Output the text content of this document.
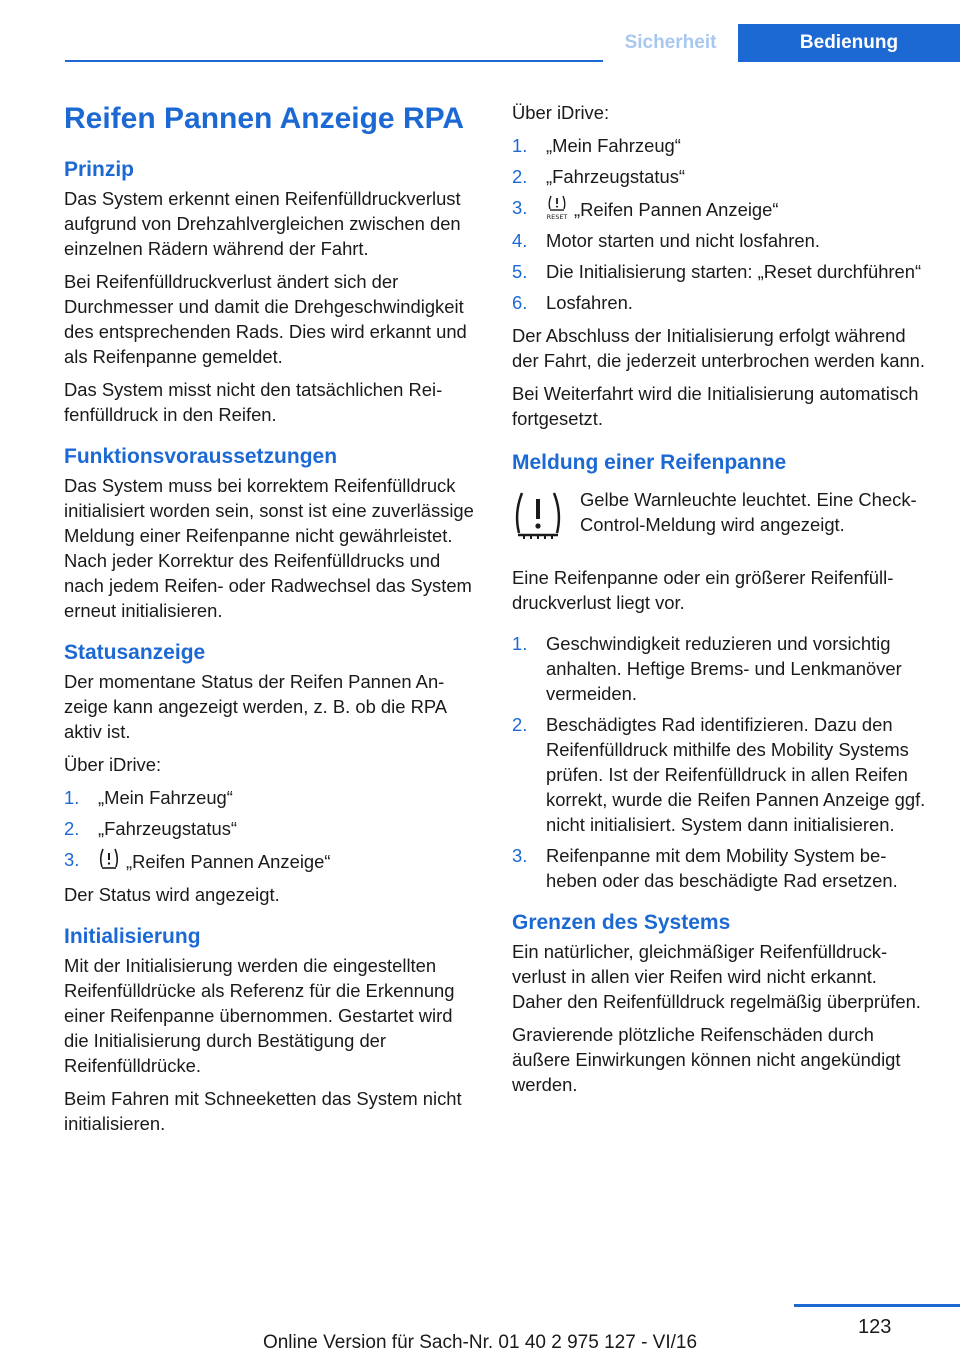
Sicherheit	Bedienung
Reifen Pannen Anzeige RPA
Prinzip

Das System erkennt einen Reifenfülldruckverlust aufgrund von Drehzahlvergleichen zwischen den einzelnen Rädern während der Fahrt.

Bei Reifenfülldruckverlust ändert sich der Durchmesser und damit die Drehgeschwindigkeit des entsprechenden Rads. Dies wird erkannt und als Reifenpanne gemeldet.

Das System misst nicht den tatsächlichen Reifenfülldruck in den Reifen.

Funktionsvoraussetzungen

Das System muss bei korrektem Reifenfülldruck initialisiert worden sein, sonst ist eine zuverlässige Meldung einer Reifenpanne nicht gewährleistet. Nach jeder Korrektur des Reifenfülldrucks und nach jedem Reifen- oder Radwechsel das System erneut initialisieren.

Statusanzeige

Der momentane Status der Reifen Pannen Anzeige kann angezeigt werden, z. B. ob die RPA aktiv ist.

Über iDrive:

1. „Mein Fahrzeug“
2. „Fahrzeugstatus“
3.	„Reifen Pannen Anzeige“

Der Status wird angezeigt.

Initialisierung

Mit der Initialisierung werden die eingestellten Reifenfülldrücke als Referenz für die Erkennung einer Reifenpanne übernommen. Gestartet wird die Initialisierung durch Bestätigung der Reifenfülldrücke.

Beim Fahren mit Schneeketten das System nicht initialisieren.

Über iDrive:

1. „Mein Fahrzeug“
2. „Fahrzeugstatus“
3.	RESET „Reifen Pannen Anzeige“
4. Motor starten und nicht losfahren.
5. Die Initialisierung starten: „Reset durchführen“
6. Losfahren.

Der Abschluss der Initialisierung erfolgt während der Fahrt, die jederzeit unterbrochen werden kann.

Bei Weiterfahrt wird die Initialisierung automatisch fortgesetzt.

Meldung einer Reifenpanne

Gelbe Warnleuchte leuchtet. Eine Check-Control-Meldung wird angezeigt.

Eine Reifenpanne oder ein größerer Reifenfülldruckverlust liegt vor.

1. Geschwindigkeit reduzieren und vorsichtig anhalten. Heftige Brems- und Lenkmanöver vermeiden.
2. Beschädigtes Rad identifizieren. Dazu den Reifenfülldruck mithilfe des Mobility Systems prüfen. Ist der Reifenfülldruck in allen Reifen korrekt, wurde die Reifen Pannen Anzeige ggf. nicht initialisiert. System dann initialisieren.
3. Reifenpanne mit dem Mobility System beheben oder das beschädigte Rad ersetzen.
Grenzen des Systems

Ein natürlicher, gleichmäßiger Reifenfülldruckverlust in allen vier Reifen wird nicht erkannt. Daher den Reifenfülldruck regelmäßig überprüfen.

Gravierende plötzliche Reifenschäden durch äußere Einwirkungen können nicht angekündigt werden.

123
Online Version für Sach-Nr. 01 40 2 975 127 - VI/16
